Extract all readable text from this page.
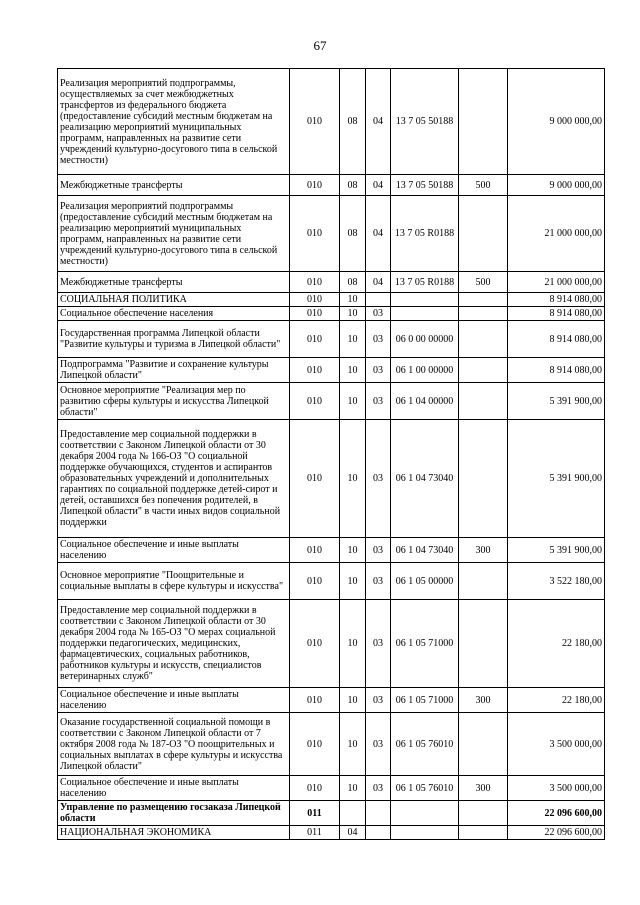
67
Реализация мероприятий подпрограммы, осуществляемых за счет межбюджетных трансфертов из федерального бюджета (предоставление субсидий местным бюджетам на реализацию мероприятий муниципальных программ, направленных на развитие сети учреждений культурно-досугового типа в сельской местности)	010	08	04	13 7 05 50188		9 000 000,00
Межбюджетные трансферты	010	08	04	13 7 05 50188	500	9 000 000,00
Реализация мероприятий подпрограммы (предоставление субсидий местным бюджетам на реализацию мероприятий муниципальных программ, направленных на развитие сети учреждений культурно-досугового типа в сельской местности)	010	08	04	13 7 05 R0188		21 000 000,00
Межбюджетные трансферты	010	08	04	13 7 05 R0188	500	21 000 000,00
СОЦИАЛЬНАЯ ПОЛИТИКА	010	10				8 914 080,00
Социальное обеспечение населения	010	10	03			8 914 080,00
Государственная программа Липецкой области "Развитие культуры и туризма в Липецкой области"	010	10	03	06 0 00 00000		8 914 080,00
Подпрограмма "Развитие и сохранение культуры Липецкой области"	010	10	03	06 1 00 00000		8 914 080,00
Основное мероприятие "Реализация мер по развитию сферы культуры и искусства Липецкой области"	010	10	03	06 1 04 00000		5 391 900,00
Предоставление мер социальной поддержки в соответствии с Законом Липецкой области от 30 декабря 2004 года № 166-ОЗ "О социальной поддержке обучающихся, студентов и аспирантов образовательных учреждений и дополнительных гарантиях по социальной поддержке детей-сирот и детей, оставшихся без попечения родителей, в Липецкой области" в части иных видов социальной поддержки	010	10	03	06 1 04 73040		5 391 900,00
Социальное обеспечение и иные выплаты населению	010	10	03	06 1 04 73040	300	5 391 900,00
Основное мероприятие "Поощрительные и социальные выплаты в сфере культуры и искусства"	010	10	03	06 1 05 00000		3 522 180,00
Предоставление мер социальной поддержки в соответствии с Законом Липецкой области от 30 декабря 2004 года № 165-ОЗ "О мерах социальной поддержки педагогических, медицинских, фармацевтических, социальных работников, работников культуры и искусств, специалистов ветеринарных служб"	010	10	03	06 1 05 71000		22 180,00
Социальное обеспечение и иные выплаты населению	010	10	03	06 1 05 71000	300	22 180,00
Оказание государственной социальной помощи в соответствии с Законом Липецкой области от 7 октября 2008 года № 187-ОЗ "О поощрительных и социальных выплатах в сфере культуры и искусства Липецкой области"	010	10	03	06 1 05 76010		3 500 000,00
Социальное обеспечение и иные выплаты населению	010	10	03	06 1 05 76010	300	3 500 000,00
Управление по размещению госзаказа Липецкой области	011					22 096 600,00
НАЦИОНАЛЬНАЯ ЭКОНОМИКА	011	04				22 096 600,00
